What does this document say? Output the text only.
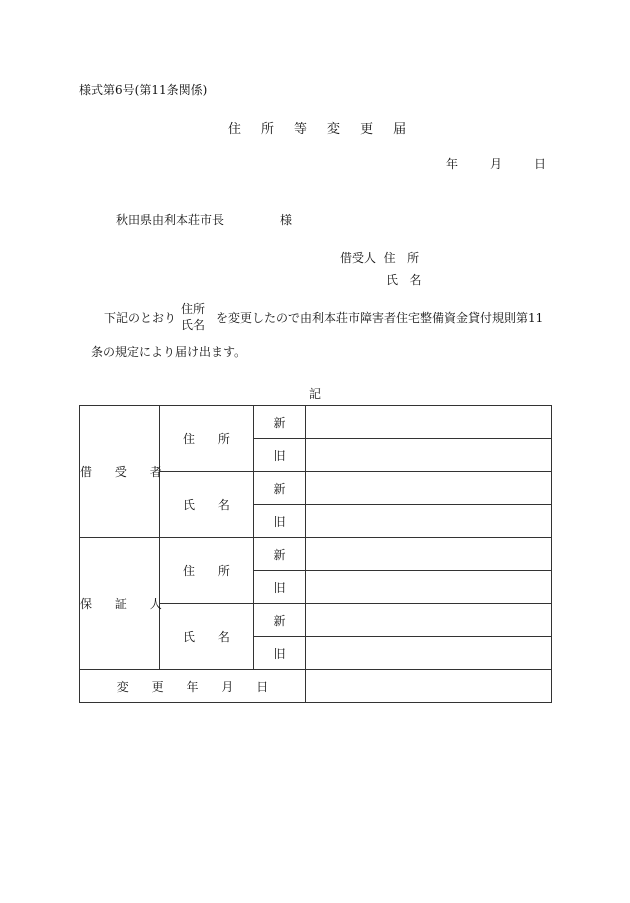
様式第6号(第11条関係)
住 所 等 変 更 届
年	月	日
秋田県由利本荘市長	様
借受人 住   所
氏   名
下記のとおり
住所
氏名 を変更したので由利本荘市障害者住宅整備資金貸付規則第11
条の規定により届け出ます。
記
借      受      者	住      所	新	
		旧	
	氏      名	新	
		旧	
保      証      人	住      所	新	
		旧	
	氏      名	新	
		旧	
変      更      年      月      日			
